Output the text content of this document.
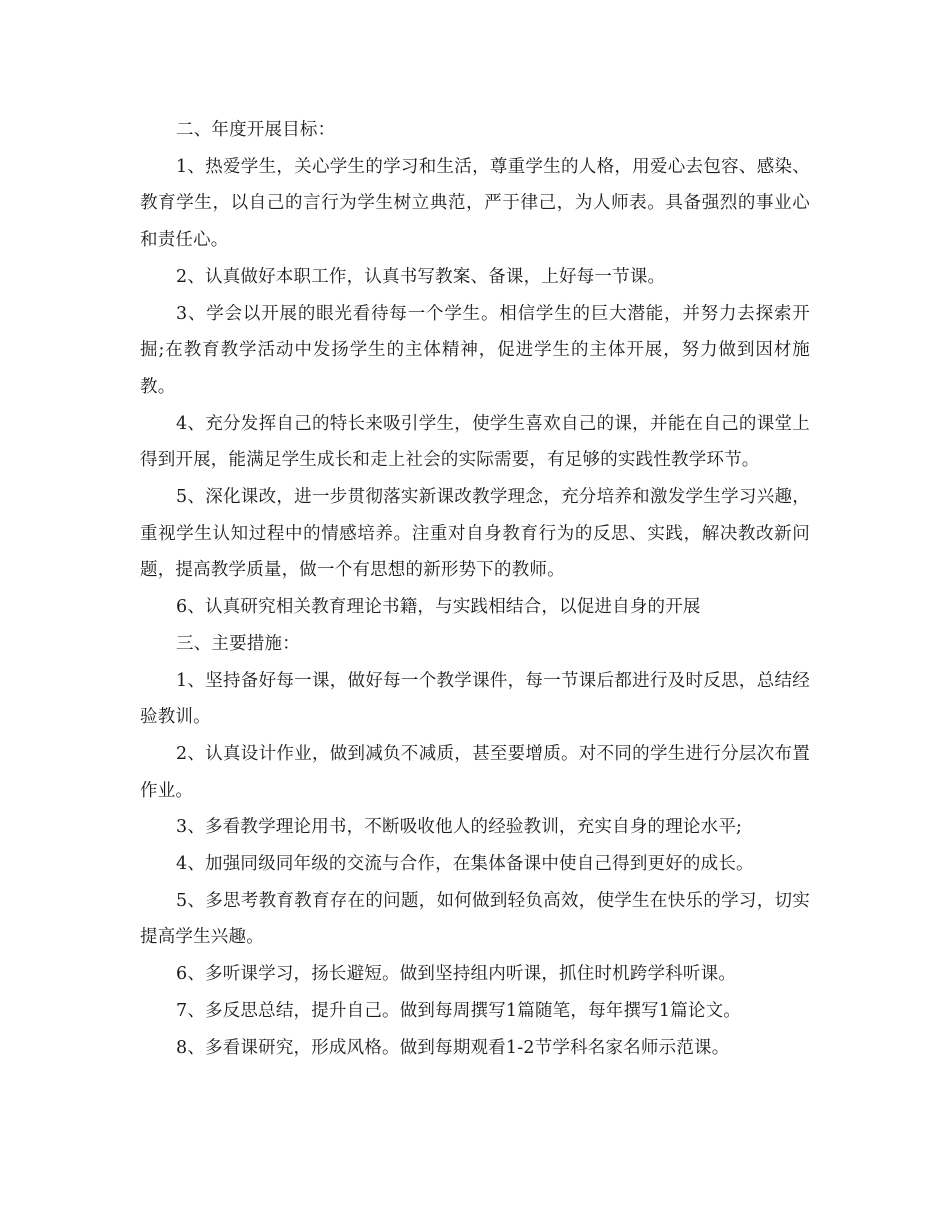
二、年度开展目标：

1、热爱学生，关心学生的学习和生活，尊重学生的人格，用爱心去包容、感染、教育学生，以自己的言行为学生树立典范，严于律己，为人师表。具备强烈的事业心和责任心。

2、认真做好本职工作，认真书写教案、备课，上好每一节课。

3、学会以开展的眼光看待每一个学生。相信学生的巨大潜能，并努力去探索开掘;在教育教学活动中发扬学生的主体精神，促进学生的主体开展，努力做到因材施教。

4、充分发挥自己的特长来吸引学生，使学生喜欢自己的课，并能在自己的课堂上得到开展，能满足学生成长和走上社会的实际需要，有足够的实践性教学环节。

5、深化课改，进一步贯彻落实新课改教学理念，充分培养和激发学生学习兴趣，重视学生认知过程中的情感培养。注重对自身教育行为的反思、实践，解决教改新问题，提高教学质量，做一个有思想的新形势下的教师。

6、认真研究相关教育理论书籍，与实践相结合，以促进自身的开展

三、主要措施：

1、坚持备好每一课，做好每一个教学课件，每一节课后都进行及时反思，总结经验教训。

2、认真设计作业，做到减负不减质，甚至要增质。对不同的学生进行分层次布置作业。

3、多看教学理论用书，不断吸收他人的经验教训，充实自身的理论水平;

4、加强同级同年级的交流与合作，在集体备课中使自己得到更好的成长。

5、多思考教育教育存在的问题，如何做到轻负高效，使学生在快乐的学习，切实提高学生兴趣。

6、多听课学习，扬长避短。做到坚持组内听课，抓住时机跨学科听课。

7、多反思总结，提升自己。做到每周撰写1篇随笔，每年撰写1篇论文。

8、多看课研究，形成风格。做到每期观看1-2节学科名家名师示范课。
